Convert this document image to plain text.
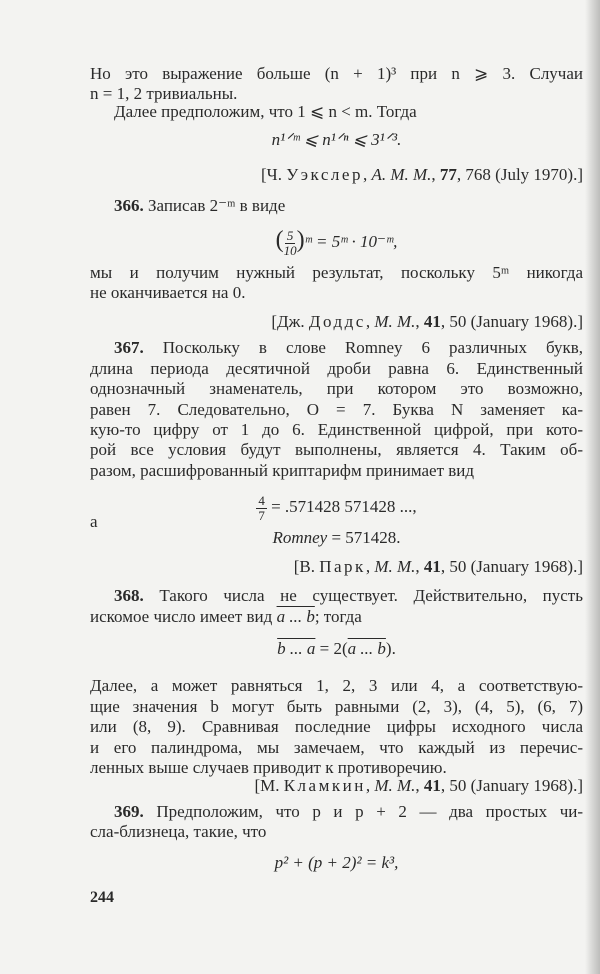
Но это выражение больше (n + 1)³ при n ⩾ 3. Случаи
n = 1, 2 тривиальны.
Далее предположим, что 1 ⩽ n < m. Тогда
n¹ᐟᵐ ⩽ n¹ᐟⁿ ⩽ 3¹ᐟ³.
[Ч. Уэкслер, A. M. M., 77, 768 (July 1970).]
366. Записав 2⁻ᵐ в виде
( $\frac{5}{10}$ )ᵐ = 5ᵐ · 10⁻ᵐ,
мы и получим нужный результат, поскольку 5ᵐ никогда
не оканчивается на 0.
[Дж. Доддс, M. M., 41, 50 (January 1968).]
367. Поскольку в слове Romney 6 различных букв,
длина периода десятичной дроби равна 6. Единственный
однозначный знаменатель, при котором это возможно,
равен 7. Следовательно, O = 7. Буква N заменяет ка-
кую-то цифру от 1 до 6. Единственной цифрой, при кото-
рой все условия будут выполнены, является 4. Таким об-
разом, расшифрованный криптарифм принимает вид
$\frac{4}{7} = .571428$ 571428 ...,
а
Romney = 571428.
[В. Парк, M. M., 41, 50 (January 1968).]
368. Такого числа не существует. Действительно, пусть
искомое число имеет вид a ... b; тогда
b ... a = 2(a ... b).
Далее, a может равняться 1, 2, 3 или 4, а соответствую-
щие значения b могут быть равными (2, 3), (4, 5), (6, 7)
или (8, 9). Сравнивая последние цифры исходного числа
и его палиндрома, мы замечаем, что каждый из перечис-
ленных выше случаев приводит к противоречию.
[М. Кламкин, M. M., 41, 50 (January 1968).]
369. Предположим, что p и p + 2 — два простых чи-
сла-близнеца, такие, что
p² + (p + 2)² = k³,
244
